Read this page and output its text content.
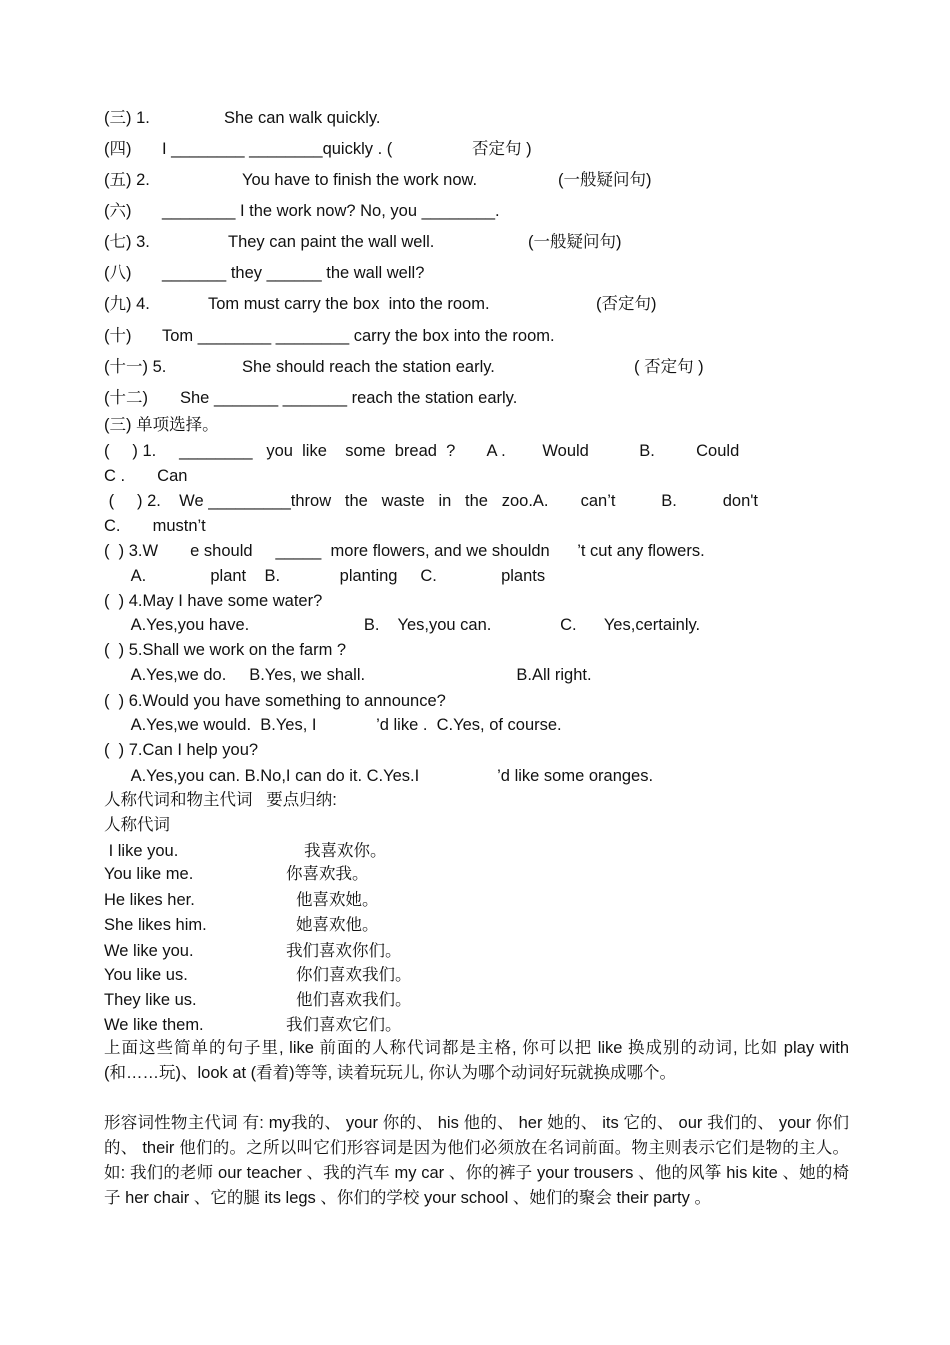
(三) 1.	She can walk quickly.
(四) I ________ ________quickly . (	否定句 )
(五) 2.	You have to finish the work now.	(一般疑问句)
(六) ________ I the work now? No, you ________.
(七) 3.	They can paint the wall well.	(一般疑问句)
(八) _______ they ______ the wall well?
(九) 4.	Tom must carry the box  into the room.	(否定句)
(十) Tom ________ ________ carry the box into the room.
(十一) 5.	She should reach the station early.	( 否定句 )
(十二) She _______ _______ reach the station early.
(三) 单项选择。
(     ) 1.     ________   you  like    some  bread  ?       A .        Would           B.         Could
C .       Can
(     ) 2.    We _________throw   the   waste   in   the   zoo.A.       can’t          B.          don't
C.       mustn’t
(  ) 3.W       e should     _____  more flowers, and we shouldn      ’t cut any flowers.
A.              plant    B.             planting     C.              plants
(  ) 4.May I have some water?
A.Yes,you have.                         B.    Yes,you can.               C.      Yes,certainly.
(  ) 5.Shall we work on the farm ?
A.Yes,we do.     B.Yes, we shall.                                 B.All right.
(  ) 6.Would you have something to announce?
A.Yes,we would.  B.Yes, I             ’d like .  C.Yes, of course.
(  ) 7.Can I help you?
A.Yes,you can. B.No,I can do it. C.Yes.I                 ’d like some oranges.
人称代词和物主代词   要点归纳:
人称代词
I like you.	我喜欢你。
You like me.	你喜欢我。
He likes her.	他喜欢她。
She likes him.	她喜欢他。
We like you.	我们喜欢你们。
You like us.	你们喜欢我们。
They like us.	他们喜欢我们。
We like them.	我们喜欢它们。
上面这些简单的句子里, like 前面的人称代词都是主格, 你可以把 like 换成别的动词, 比如 play with (和……玩)、look at (看着)等等, 读着玩玩儿, 你认为哪个动词好玩就换成哪个。
形容词性物主代词 有: my我的、 your 你的、 his 他的、 her 她的、 its 它的、 our 我们的、 your 你们的、 their 他们的。之所以叫它们形容词是因为他们必须放在名词前面。物主则表示它们是物的主人。如: 我们的老师 our teacher 、我的汽车 my car 、你的裤子 your trousers 、他的风筝 his kite 、她的椅子 her chair 、它的腿 its legs 、你们的学校 your school 、她们的聚会 their party 。
